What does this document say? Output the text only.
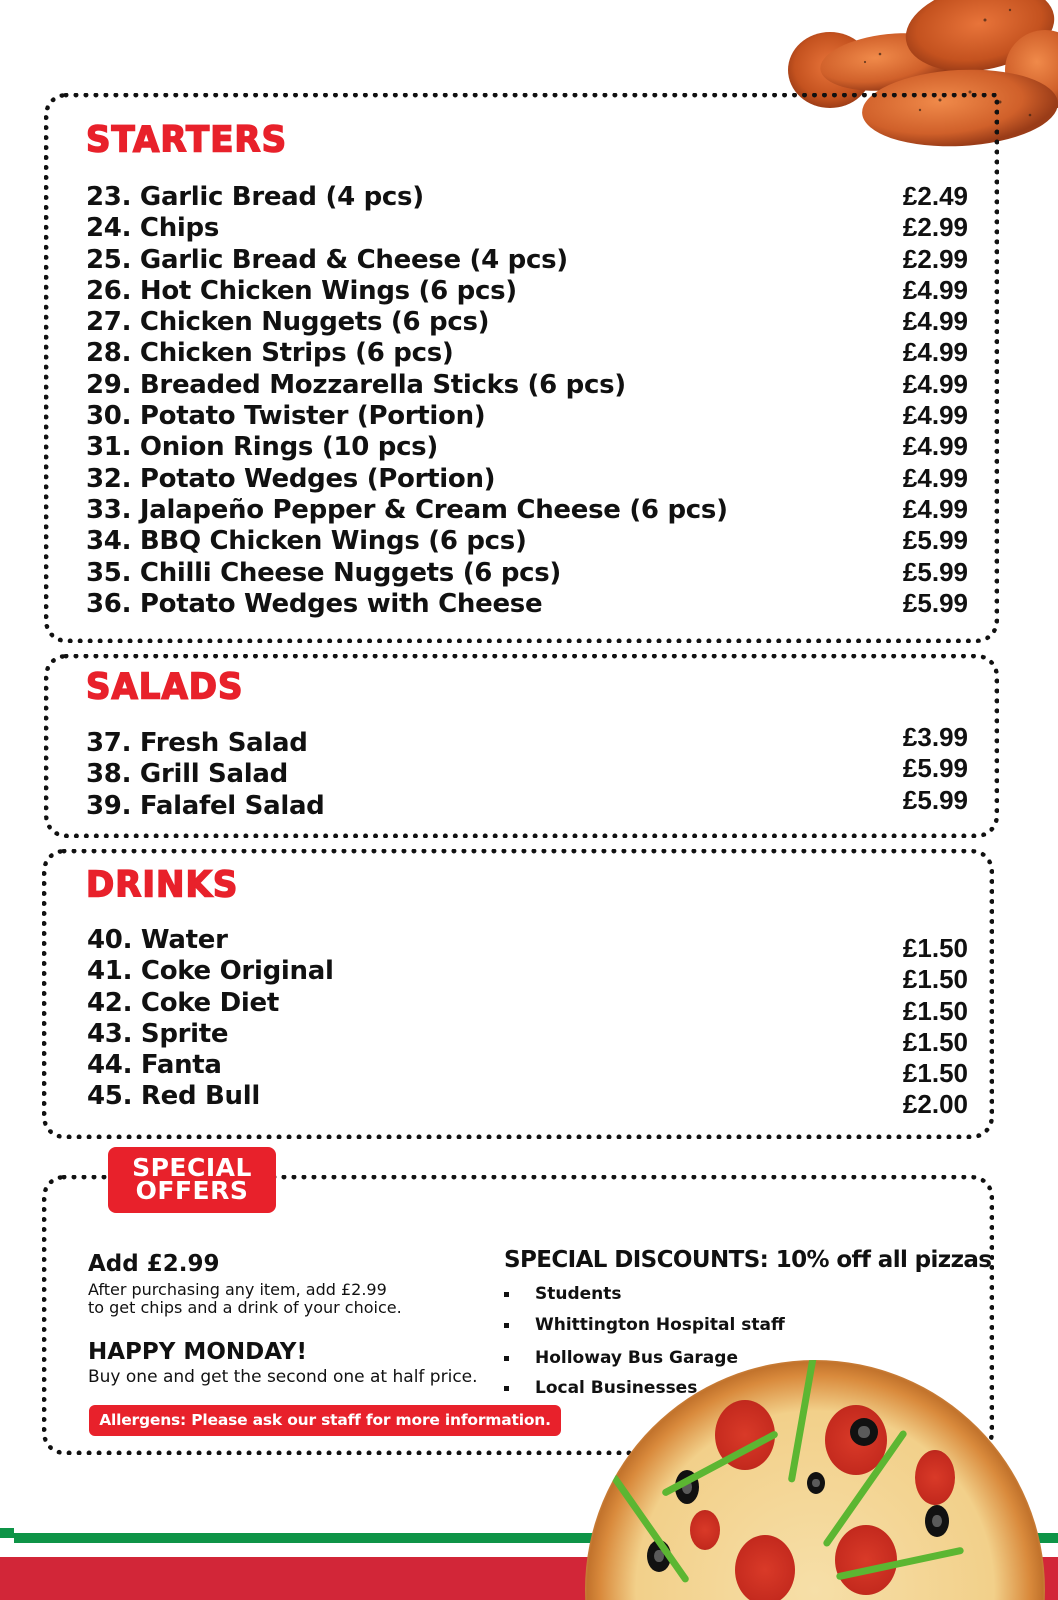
STARTERS
23. Garlic Bread (4 pcs)
24. Chips
25. Garlic Bread & Cheese (4 pcs)
26. Hot Chicken Wings (6 pcs)
27. Chicken Nuggets (6 pcs)
28. Chicken Strips (6 pcs)
29. Breaded Mozzarella Sticks (6 pcs)
30. Potato Twister (Portion)
31. Onion Rings (10 pcs)
32. Potato Wedges (Portion)
33. Jalapeño Pepper & Cream Cheese (6 pcs)
34. BBQ Chicken Wings (6 pcs)
35. Chilli Cheese Nuggets (6 pcs)
36. Potato Wedges with Cheese
£2.49
£2.99
£2.99
£4.99
£4.99
£4.99
£4.99
£4.99
£4.99
£4.99
£4.99
£5.99
£5.99
£5.99
SALADS
37. Fresh Salad
38. Grill Salad
39. Falafel Salad
£3.99
£5.99
£5.99
DRINKS
40. Water
41. Coke Original
42. Coke Diet
43. Sprite
44. Fanta
45. Red Bull
£1.50
£1.50
£1.50
£1.50
£1.50
£2.00
SPECIAL
OFFERS
Add £2.99
After purchasing any item, add £2.99
to get chips and a drink of your choice.
HAPPY MONDAY!
Buy one and get the second one at half price.
SPECIAL DISCOUNTS: 10% off all pizzas
Students
Whittington Hospital staff
Holloway Bus Garage
Local Businesses
Allergens: Please ask our staff for more information.
